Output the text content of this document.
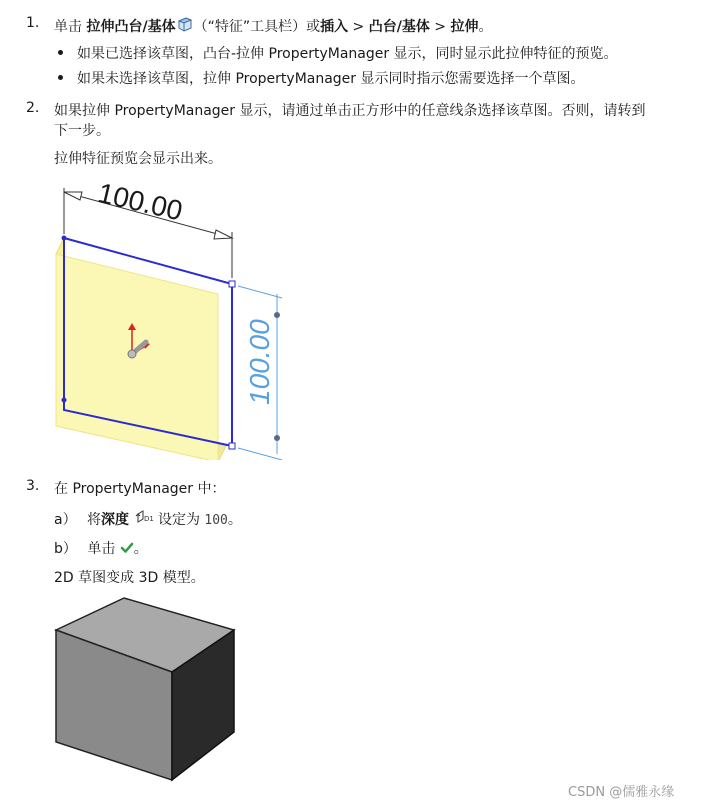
1. 单击 拉伸凸台/基体 （“特征”工具栏）或插入 > 凸台/基体 > 拉伸。
如果已选择该草图，凸台-拉伸 PropertyManager 显示，同时显示此拉伸特征的预览。
如果未选择该草图，拉伸 PropertyManager 显示同时指示您需要选择一个草图。
2. 如果拉伸 PropertyManager 显示，请通过单击正方形中的任意线条选择该草图。否则，请转到
下一步。
拉伸特征预览会显示出来。
100.00
100.00
3. 在 PropertyManager 中：
a） 将深度 D1 设定为 100。
b） 单击 。
2D 草图变成 3D 模型。
CSDN @儒雅永缘
